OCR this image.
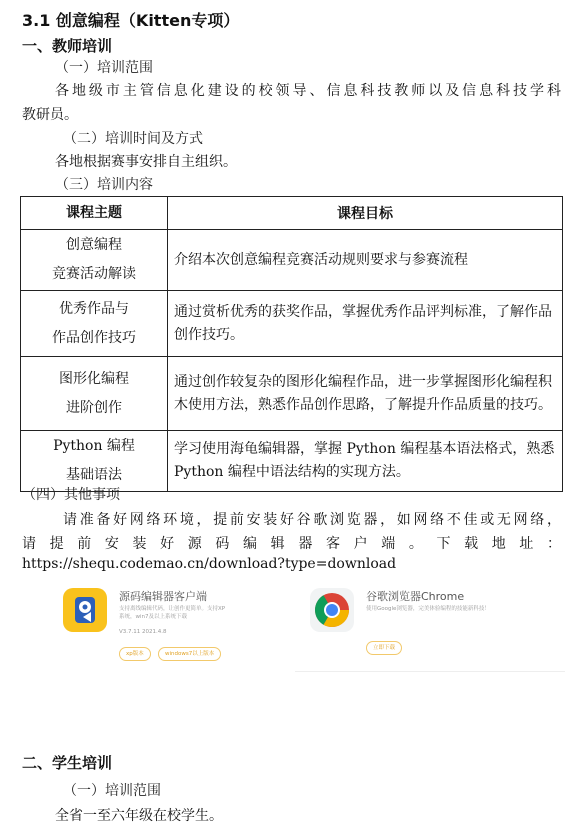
3.1 创意编程（Kitten专项）
一、教师培训
（一）培训范围
各地级市主管信息化建设的校领导、信息科技教师以及信息科技学科
教研员。
（二）培训时间及方式
各地根据赛事安排自主组织。
（三）培训内容
课程主题	课程目标

创意编程
竞赛活动解读	介绍本次创意编程竞赛活动规则要求与参赛流程

优秀作品与
作品创作技巧	通过赏析优秀的获奖作品，掌握优秀作品评判标准，了解作品创作技巧。

图形化编程
进阶创作	通过创作较复杂的图形化编程作品，进一步掌握图形化编程积木使用方法，熟悉作品创作思路，了解提升作品质量的技巧。

Python 编程
基础语法	学习使用海龟编辑器，掌握 Python 编程基本语法格式，熟悉 Python 编程中语法结构的实现方法。
（四）其他事项
请准备好网络环境，提前安装好谷歌浏览器，如网络不佳或无网络，
请提前安装好源码编辑器客户端。下载地址：
https://shequ.codemao.cn/download?type=download
源码编辑器客户端
支持离线编辑代码，让创作更简单。支持XP系统，win7及以上系统下载
V3.7.11 2021.4.8
xp版本	windows7以上版本
谷歌浏览器Chrome
使用Google浏览器，完美体验编程的技能新科技！
立即下载
二、学生培训
（一）培训范围
全省一至六年级在校学生。
